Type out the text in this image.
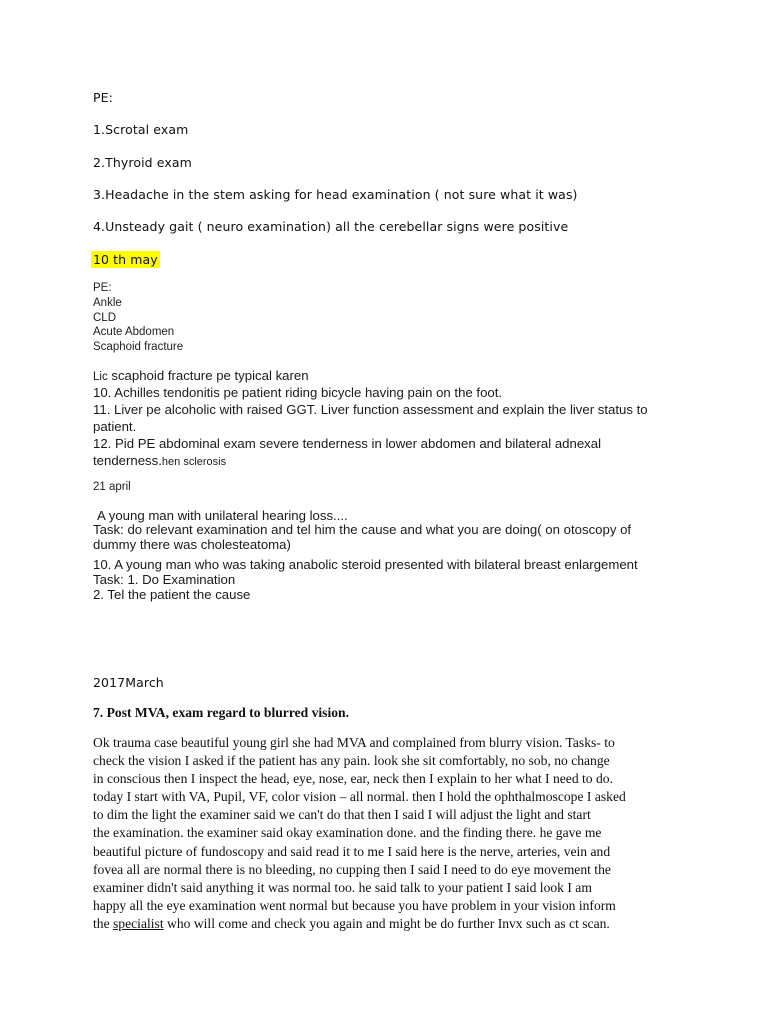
PE:
1.Scrotal exam
2.Thyroid exam
3.Headache in the stem asking for head examination ( not sure what it was)
4.Unsteady gait ( neuro examination) all the cerebellar signs were positive
10 th may
PE:
Ankle
CLD
Acute Abdomen
Scaphoid fracture
Lic scaphoid fracture pe typical karen
10. Achilles tendonitis pe patient riding bicycle having pain on the foot.
11. Liver pe alcoholic with raised GGT. Liver function assessment and explain the liver status to
patient.
12. Pid PE abdominal exam severe tenderness in lower abdomen and bilateral adnexal
tenderness.hen sclerosis
21 april
A young man with unilateral hearing loss....
Task: do relevant examination and tel him the cause and what you are doing( on otoscopy of
dummy there was cholesteatoma)
10. A young man who was taking anabolic steroid presented with bilateral breast enlargement
Task: 1. Do Examination
2. Tel the patient the cause
2017March
7. Post MVA, exam regard to blurred vision.
Ok trauma case beautiful young girl she had MVA and complained from blurry vision. Tasks- to
check the vision I asked if the patient has any pain. look she sit comfortably, no sob, no change
in conscious then I inspect the head, eye, nose, ear, neck then I explain to her what I need to do.
today I start with VA, Pupil, VF, color vision – all normal. then I hold the ophthalmoscope I asked
to dim the light the examiner said we can't do that then I said I will adjust the light and start
the examination. the examiner said okay examination done. and the finding there. he gave me
beautiful picture of fundoscopy and said read it to me I said here is the nerve, arteries, vein and
fovea all are normal there is no bleeding, no cupping then I said I need to do eye movement the
examiner didn't said anything it was normal too. he said talk to your patient I said look I am
happy all the eye examination went normal but because you have problem in your vision inform
the specialist who will come and check you again and might be do further Invx such as ct scan.
